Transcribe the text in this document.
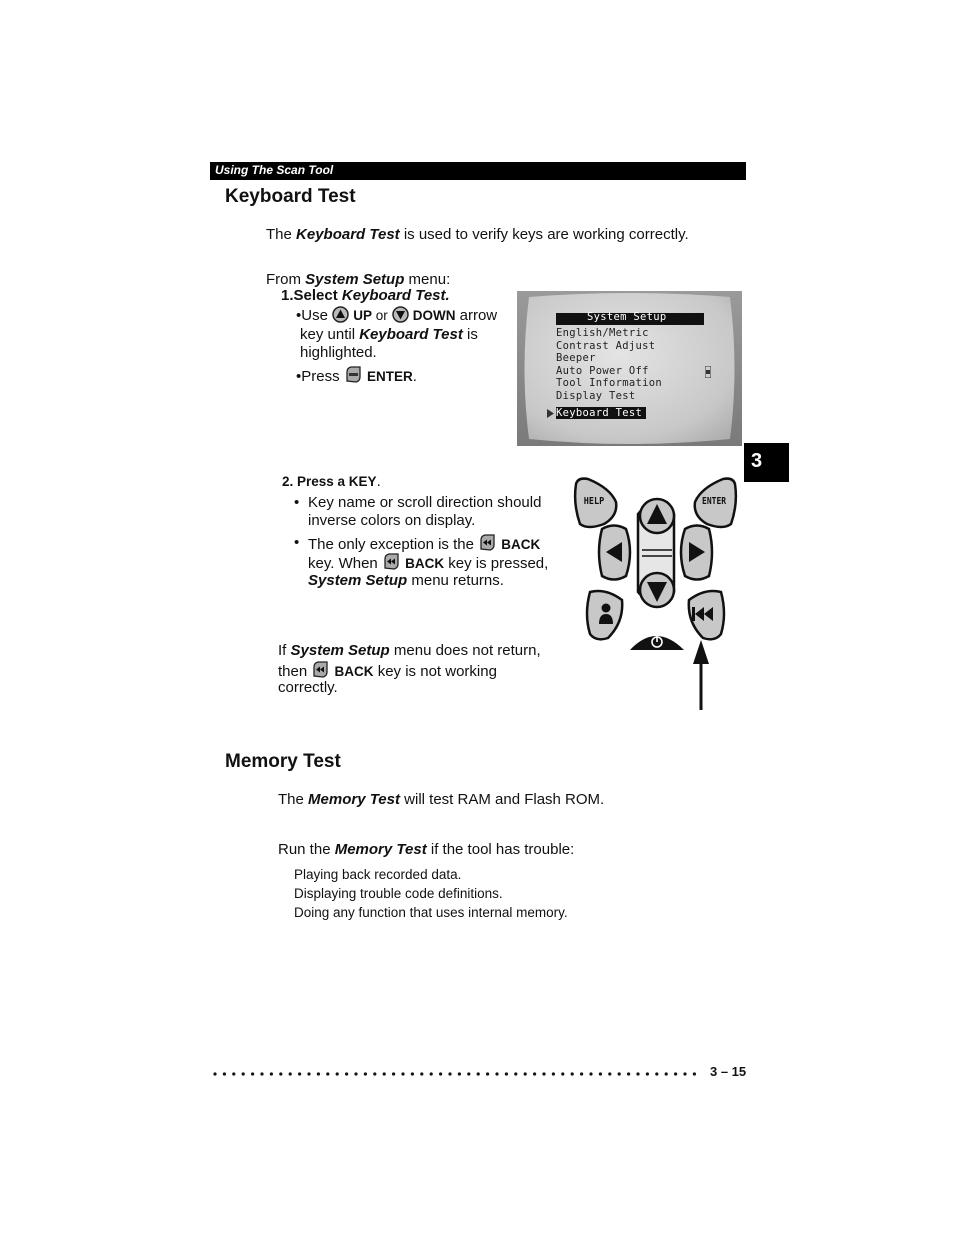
Using The Scan Tool
3
Keyboard Test
The Keyboard Test is used to verify keys are working correctly.
From System Setup menu:
1.Select Keyboard Test.
•Use  UP or  DOWN arrow
key until Keyboard Test is
highlighted.
•Press  ENTER.
System Setup
English/Metric
Contrast Adjust
Beeper
Auto Power Off
Tool Information
Display Test
Keyboard Test
2. Press a KEY.
• Key name or scroll direction should
inverse colors on display.
• The only exception is the  BACK
key. When  BACK key is pressed,
System Setup menu returns.
If System Setup menu does not return,
then  BACK key is not working
correctly.
HELP	ENTER
Memory Test
The Memory Test will test RAM and Flash ROM.
Run the Memory Test if the tool has trouble:
Playing back recorded data.
Displaying trouble code definitions.
Doing any function that uses internal memory.
3 – 15
